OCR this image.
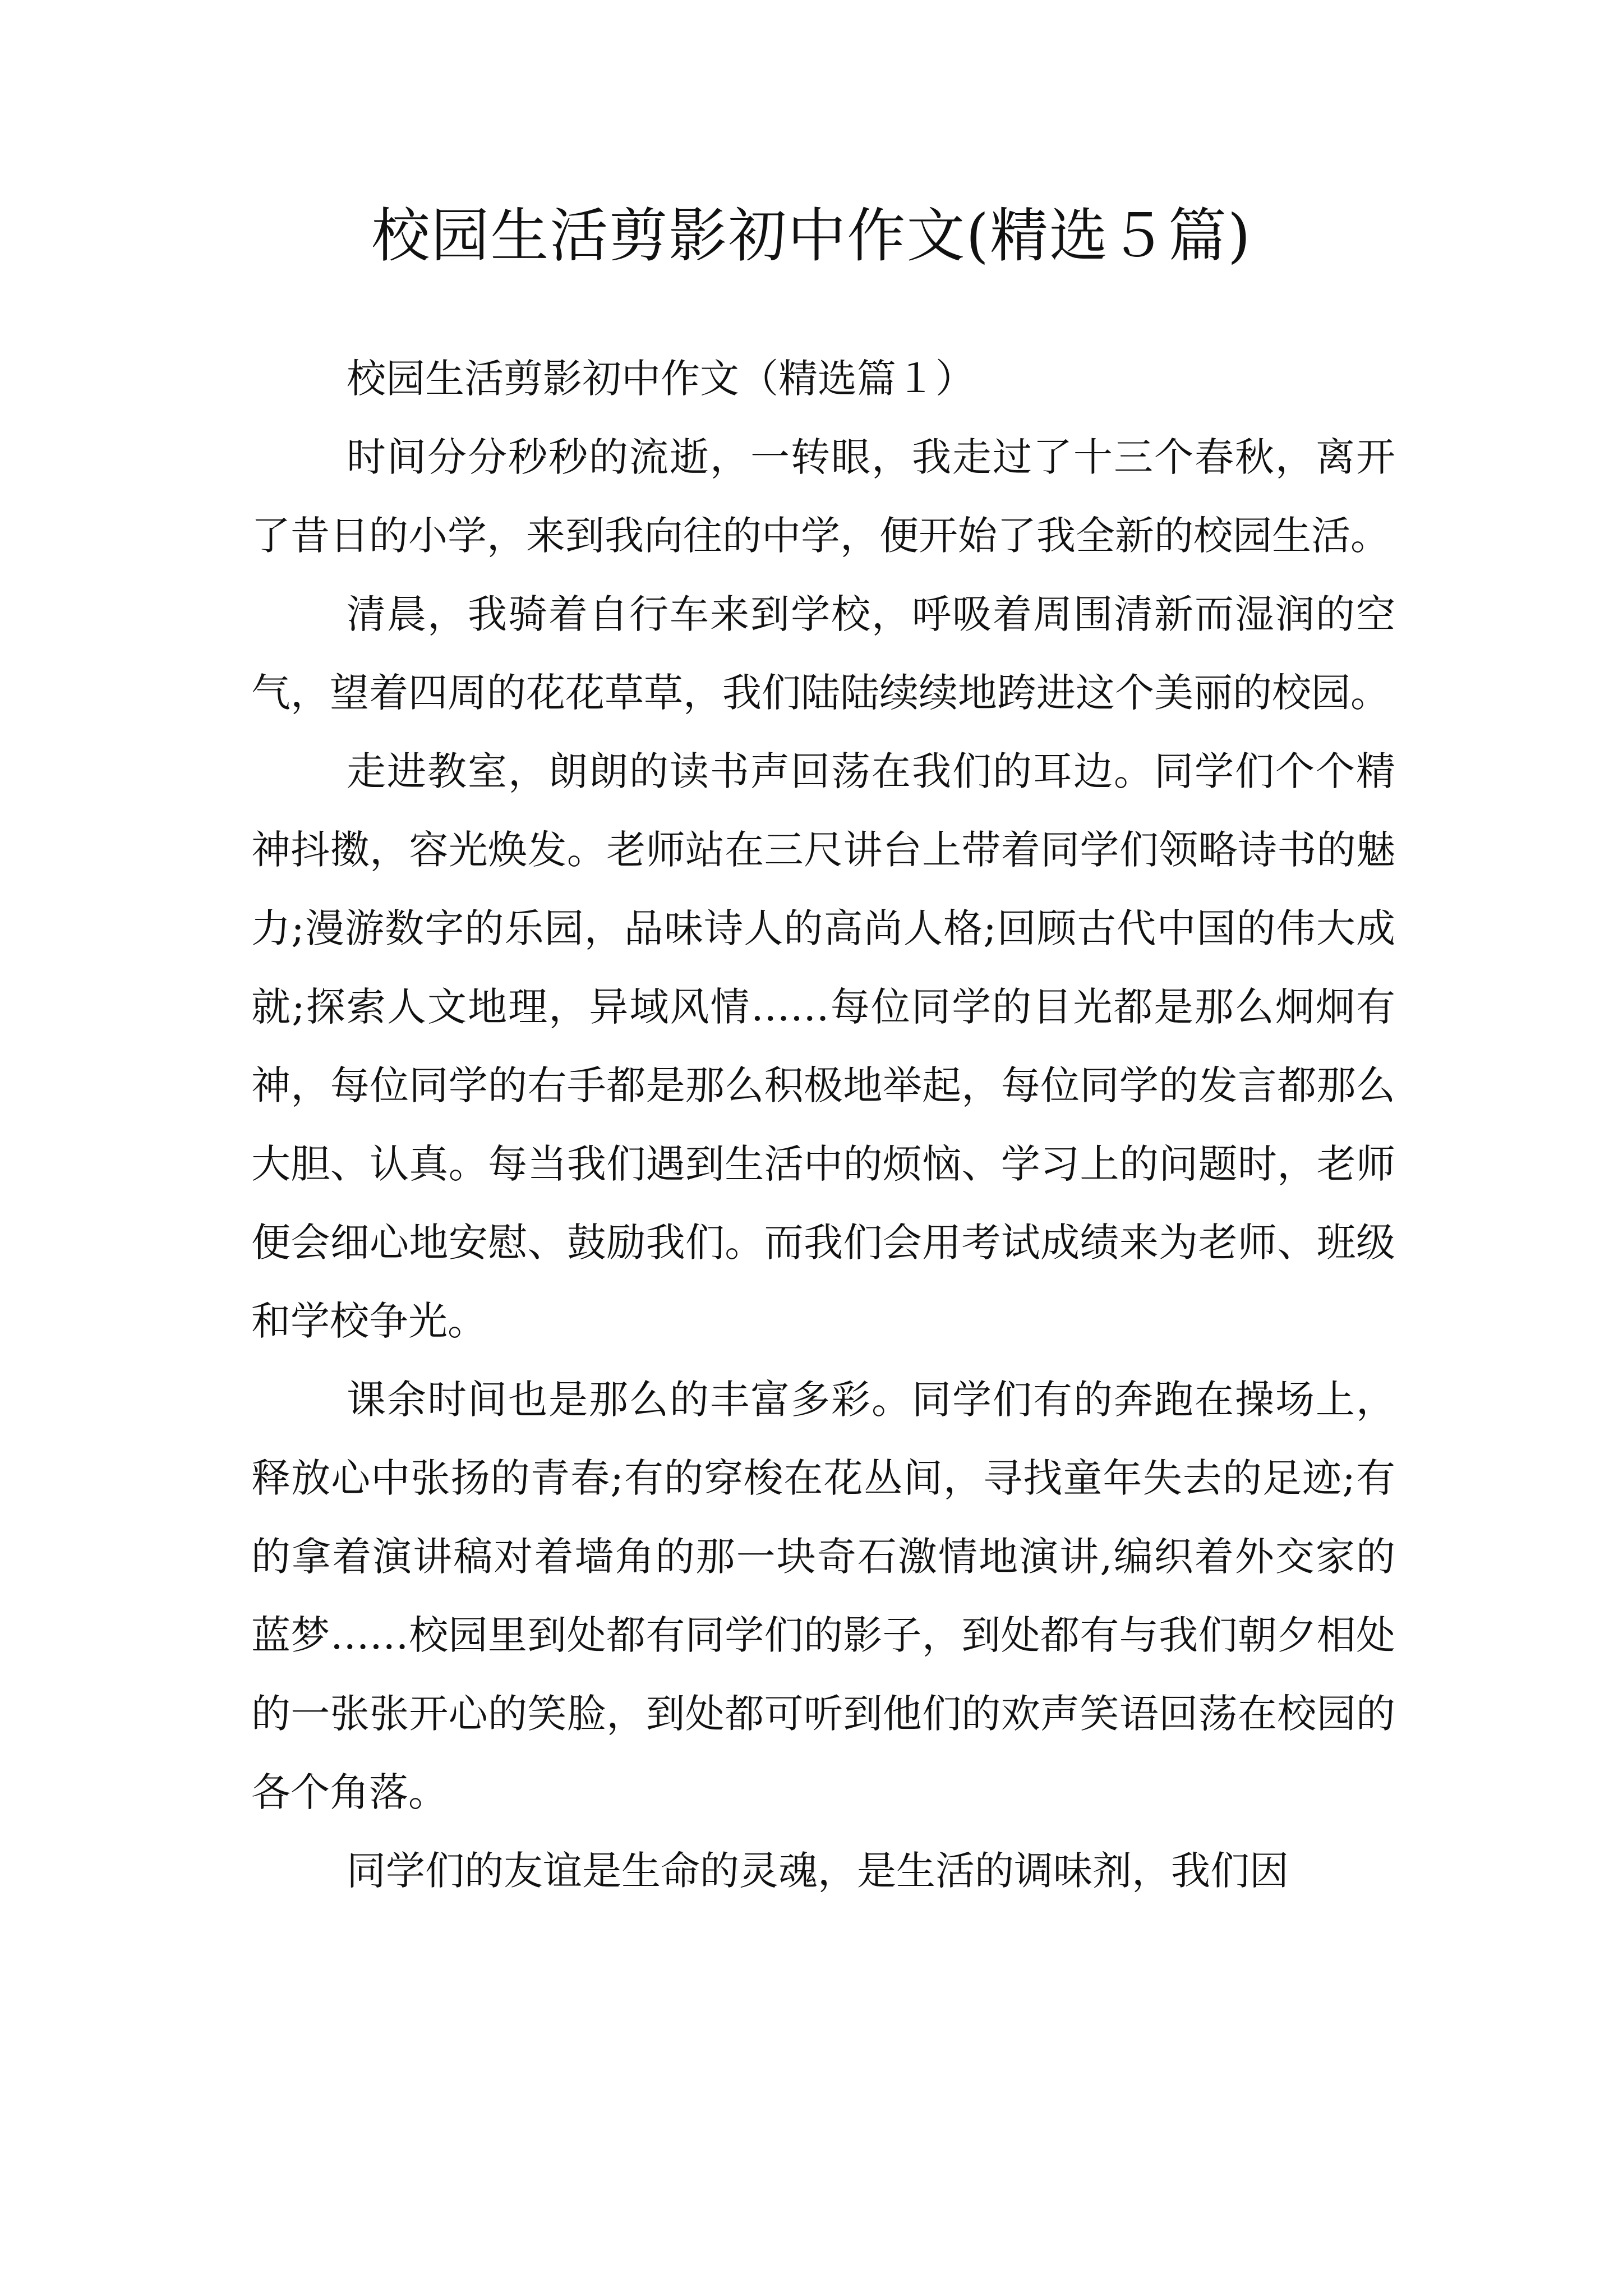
校园生活剪影初中作文(精选５篇)

校园生活剪影初中作文（精选篇１）

时间分分秒秒的流逝，一转眼，我走过了十三个春秋，离开了昔日的小学，来到我向往的中学，便开始了我全新的校园生活。

清晨，我骑着自行车来到学校，呼吸着周围清新而湿润的空气，望着四周的花花草草，我们陆陆续续地跨进这个美丽的校园。

走进教室，朗朗的读书声回荡在我们的耳边。同学们个个精神抖擞，容光焕发。老师站在三尺讲台上带着同学们领略诗书的魅力;漫游数字的乐园，品味诗人的高尚人格;回顾古代中国的伟大成就;探索人文地理，异域风情……每位同学的目光都是那么炯炯有神，每位同学的右手都是那么积极地举起，每位同学的发言都那么大胆、认真。每当我们遇到生活中的烦恼、学习上的问题时，老师便会细心地安慰、鼓励我们。而我们会用考试成绩来为老师、班级和学校争光。

课余时间也是那么的丰富多彩。同学们有的奔跑在操场上，释放心中张扬的青春;有的穿梭在花丛间，寻找童年失去的足迹;有的拿着演讲稿对着墙角的那一块奇石激情地演讲,编织着外交家的蓝梦……校园里到处都有同学们的影子，到处都有与我们朝夕相处的一张张开心的笑脸，到处都可听到他们的欢声笑语回荡在校园的各个角落。

同学们的友谊是生命的灵魂，是生活的调味剂，我们因
